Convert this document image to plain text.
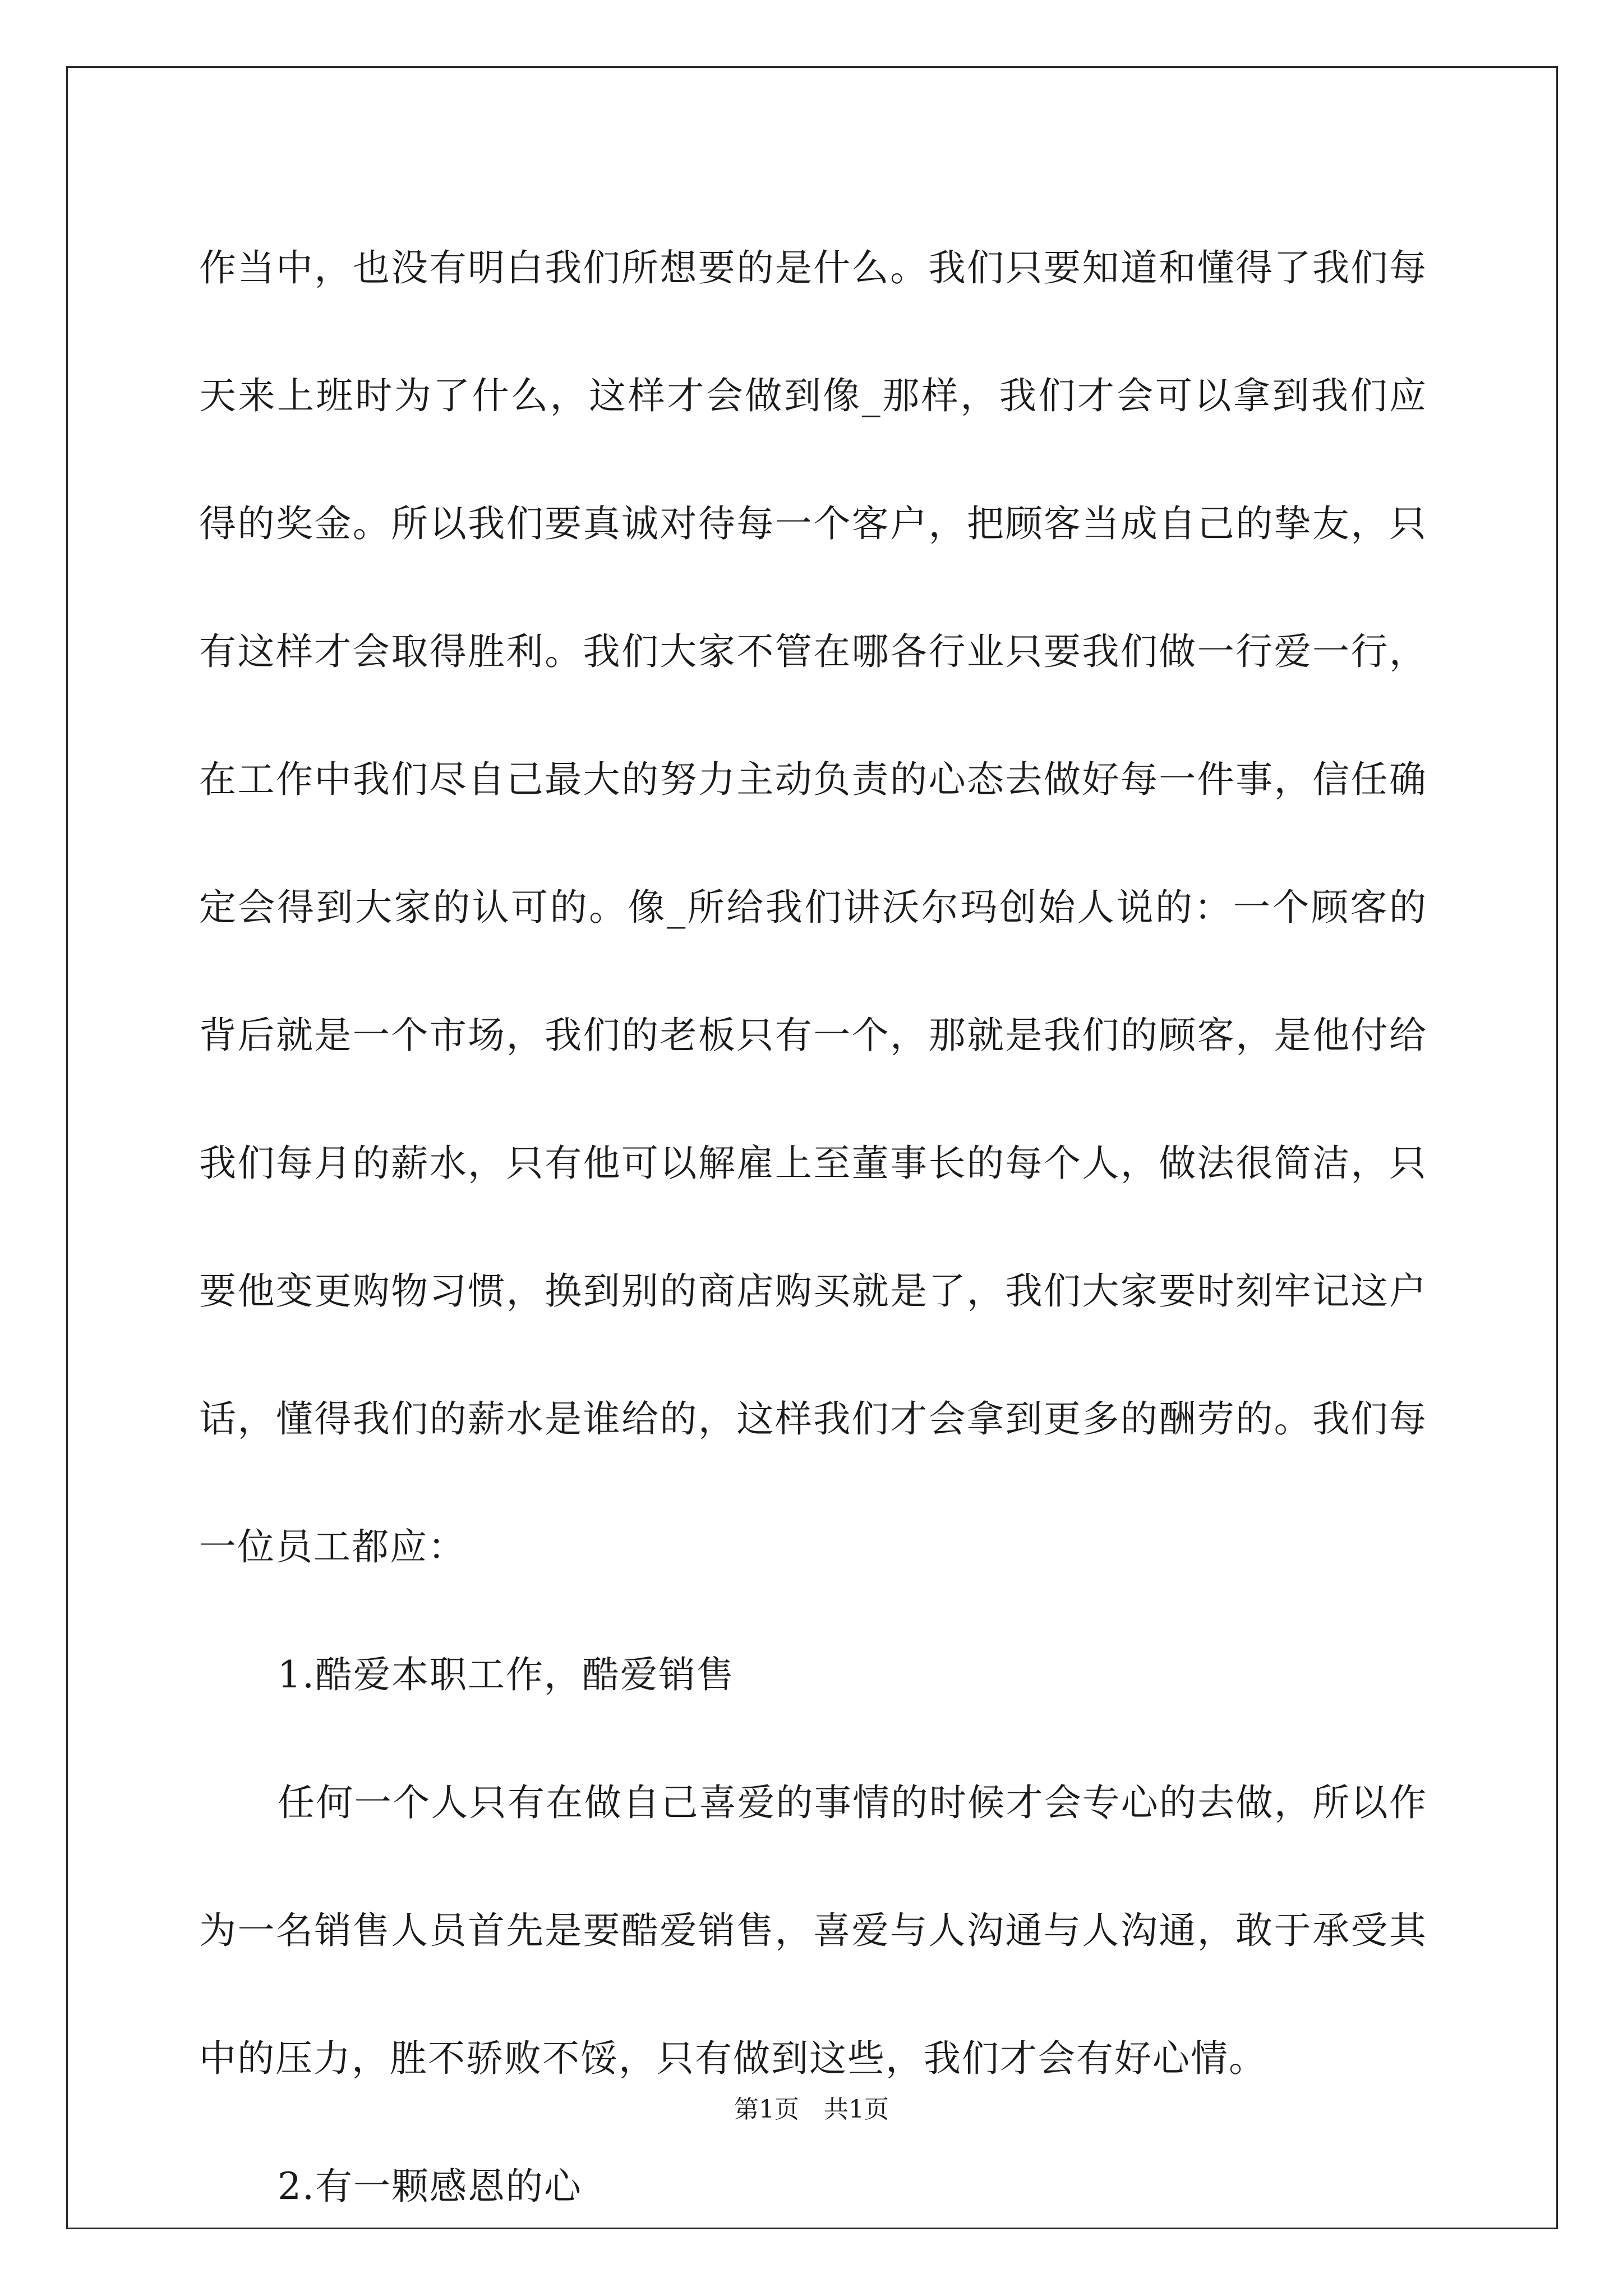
作当中，也没有明白我们所想要的是什么。我们只要知道和懂得了我们每天来上班时为了什么，这样才会做到像_那样，我们才会可以拿到我们应得的奖金。所以我们要真诚对待每一个客户，把顾客当成自己的挚友，只有这样才会取得胜利。我们大家不管在哪各行业只要我们做一行爱一行，在工作中我们尽自己最大的努力主动负责的心态去做好每一件事，信任确定会得到大家的认可的。像_所给我们讲沃尔玛创始人说的：一个顾客的背后就是一个市场，我们的老板只有一个，那就是我们的顾客，是他付给我们每月的薪水，只有他可以解雇上至董事长的每个人，做法很简洁，只要他变更购物习惯，换到别的商店购买就是了，我们大家要时刻牢记这户话，懂得我们的薪水是谁给的，这样我们才会拿到更多的酬劳的。我们每一位员工都应：

1.酷爱本职工作，酷爱销售

任何一个人只有在做自己喜爱的事情的时候才会专心的去做，所以作为一名销售人员首先是要酷爱销售，喜爱与人沟通与人沟通，敢于承受其中的压力，胜不骄败不馁，只有做到这些，我们才会有好心情。

2.有一颗感恩的心

第1页　共1页
